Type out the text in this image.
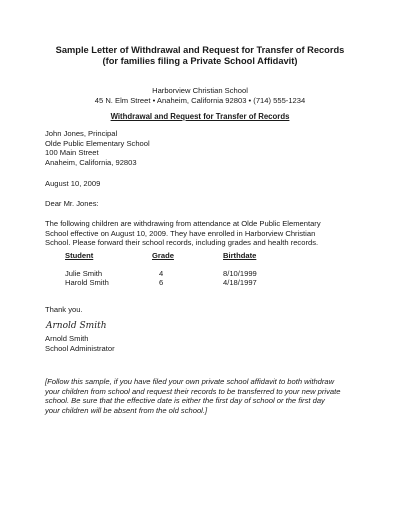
Sample Letter of Withdrawal and Request for Transfer of Records
(for families filing a Private School Affidavit)
Harborview Christian School
45 N. Elm Street • Anaheim, California 92803 • (714) 555-1234
Withdrawal and Request for Transfer of Records
John Jones, Principal
Olde Public Elementary School
100 Main Street
Anaheim, California, 92803
August 10, 2009
Dear Mr. Jones:
The following children are withdrawing from attendance at Olde Public Elementary
School effective on August 10, 2009. They have enrolled in Harborview Christian
School. Please forward their school records, including grades and health records.
Student	Grade	Birthdate
Julie Smith	4	8/10/1999
Harold Smith	6	4/18/1997
Thank you.
Arnold Smith
Arnold Smith
School Administrator
[Follow this sample, if you have filed your own private school affidavit to both withdraw
your children from school and request their records to be transferred to your new private
school. Be sure that the effective date is either the first day of school or the first day
your children will be absent from the old school.]
